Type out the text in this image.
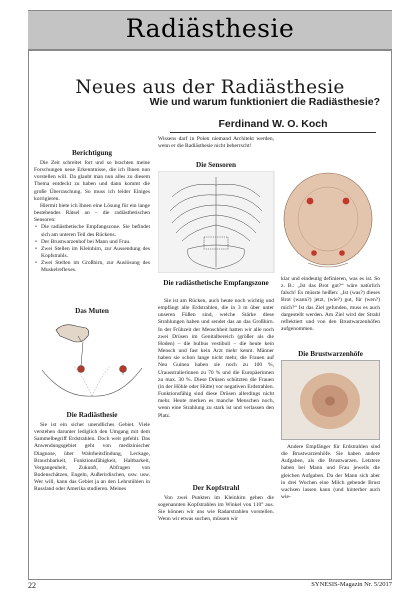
Radiästhesie
Neues aus der Radiästhesie
Wie und warum funktioniert die Radiästhesie?
Ferdinand W. O. Koch
Berichtigung

Die Zeit schreitet fort und so brachten meine Forschungen neue Erkenntnisse, die ich Ihnen nun vorstellen will. Da glaubt man nun alles zu diesem Thema entdeckt zu haben und dann kommt die große Überraschung. So muss ich leider Einiges korrigieren.

Hiermit biete ich Ihnen eine Lösung für ein lange bestehendes Rätsel an – die radiästhetischen Sensoren:

• Die radiästhetische Empfangszone. Sie befindet sich am unteren Teil des Rückens.
• Der Brustwarzenhof bei Mann und Frau.
• Zwei Stellen im Kleinhirn, zur Aussendung des Kopfstrahls.
• Zwei Stellen im Großhirn, zur Auslösung des Muskelreflexes.
Das Muten
Die Radiästhesie

Sie ist ein sicher unendliches Gebiet. Viele verstehen darunter lediglich den Umgang mit dem Sammelbegriff Erdstrahlen. Doch weit gefehlt. Das Anwendungsgebiet geht von medizinischer Diagnose, über Wahrheitsfindung, Leckage, Brauchbarkeit, Funktionsfähigkeit, Haltbarkeit, Vergangenheit, Zukunft, Abfragen von Bodenschätzen, Engeln, Außerirdischen, usw. usw. Wer will, kann das Gebiet ja an den Lehrstühlen in Russland oder Amerika studieren. Meines

Wissens darf in Polen niemand Architekt werden, wenn er die Radiästhesie nicht beherrscht!

Die Sensoren
Die radiästhetische Empfangszone

Sie ist am Rücken, auch heute noch wichtig und empfängt alle Erdstrahlen, die in 3 m über unter unseren Füßen sind, welche Stärke diese Strahlungen haben und sendet das an das Großhirn. In der Frühzeit der Menschheit hatten wir alle noch zwei Drüsen im Genitalbereich (größer als die Hoden) – die bulbus vestibuli – die heute kein Mensch und fast kein Arzt mehr kennt. Männer haben sie schon lange nicht mehr, die Frauen auf Neu Guinea haben sie noch zu 100 %, Urausstralierinnen zu 70 % und die Europäerinnen zu max. 30 %. Diese Drüsen schützten die Frauen (in der Höhle oder Hütte) vor negativen Erdstrahlen. Funktionsfähig sind diese Drüsen allerdings nicht mehr. Heute merken es manche Menschen noch, wenn eine Strahlung zu stark ist und verlassen den Platz.

Der Kopfstrahl

Von zwei Punkten im Kleinhirn gehen die sogenannten Kopfstrahlen im Winkel von 110° aus. Sie können wir uns wie Radarstrahlen vorstellen. Wenn wir etwas suchen, müssen wir

klar und eindeutig definieren, was es ist. So z. B.: „Ist das Brot gut?“ wäre natürlich falsch! Es müsste heißen: „Ist (was?) dieses Brot (wann?) jetzt, (wie?) gut, für (wen?) mich?“ Ist das Ziel gefunden, muss es auch dargestellt werden. Am Ziel wird der Strahl reflektiert und von den Brustwarzenhöfen aufgenommen.

Die Brustwarzenhöfe

Andere Empfänger für Erdstrahlen sind die Brustwarzenhöfe. Sie haben andere Aufgaben, als die Brustwarzen. Letztere haben bei Mann und Frau jeweils die gleichen Aufgaben. Da der Mann sich aber in drei Wochen eine Milch gebende Brust wachsen lassen kann (und hinterher auch wie-

22	SYNESIS-Magazin Nr. 5/2017
